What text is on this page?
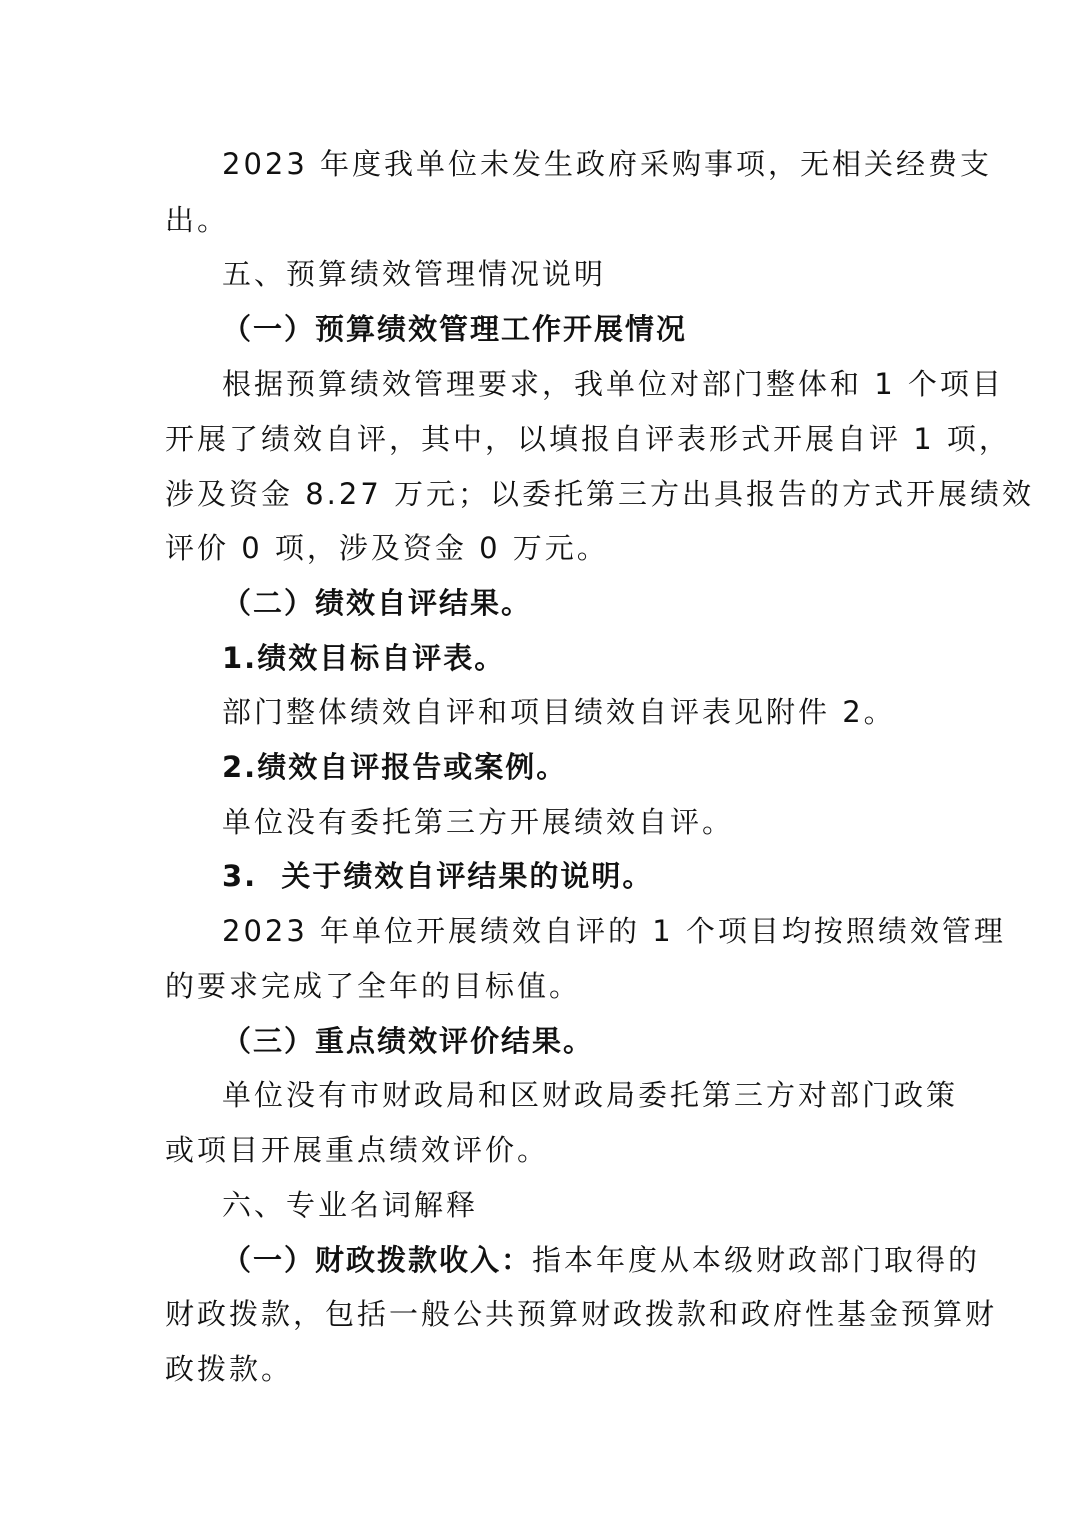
2023 年度我单位未发生政府采购事项，无相关经费支
出。
五、预算绩效管理情况说明
（一）预算绩效管理工作开展情况
根据预算绩效管理要求，我单位对部门整体和 1 个项目
开展了绩效自评，其中，以填报自评表形式开展自评 1 项，
涉及资金 8.27 万元；以委托第三方出具报告的方式开展绩效
评价 0 项，涉及资金 0 万元。
（二）绩效自评结果。
1.绩效目标自评表。
部门整体绩效自评和项目绩效自评表见附件 2。
2.绩效自评报告或案例。
单位没有委托第三方开展绩效自评。
3.  关于绩效自评结果的说明。
2023 年单位开展绩效自评的 1 个项目均按照绩效管理
的要求完成了全年的目标值。
（三）重点绩效评价结果。
单位没有市财政局和区财政局委托第三方对部门政策
或项目开展重点绩效评价。
六、专业名词解释
（一）财政拨款收入： 指本年度从本级财政部门取得的
财政拨款，包括一般公共预算财政拨款和政府性基金预算财
政拨款。
